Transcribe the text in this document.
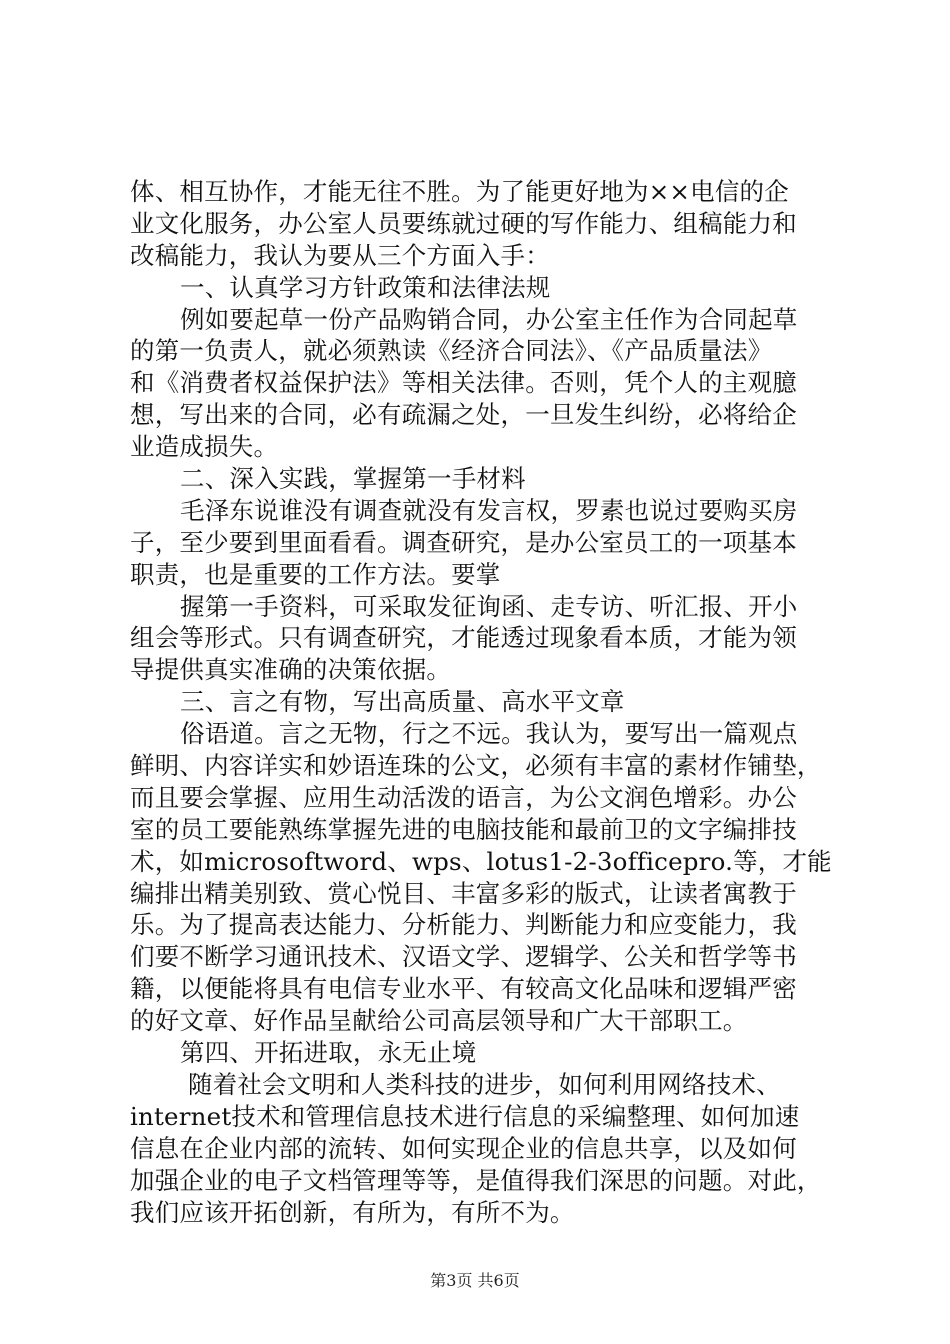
体、相互协作，才能无往不胜。为了能更好地为××电信的企
业文化服务，办公室人员要练就过硬的写作能力、组稿能力和
改稿能力，我认为要从三个方面入手：
一、认真学习方针政策和法律法规
例如要起草一份产品购销合同，办公室主任作为合同起草
的第一负责人，就必须熟读《经济合同法》、《产品质量法》
和《消费者权益保护法》等相关法律。否则，凭个人的主观臆
想，写出来的合同，必有疏漏之处，一旦发生纠纷，必将给企
业造成损失。
二、深入实践，掌握第一手材料
毛泽东说谁没有调查就没有发言权，罗素也说过要购买房
子，至少要到里面看看。调查研究，是办公室员工的一项基本
职责，也是重要的工作方法。要掌
握第一手资料，可采取发征询函、走专访、听汇报、开小
组会等形式。只有调查研究，才能透过现象看本质，才能为领
导提供真实准确的决策依据。
三、言之有物，写出高质量、高水平文章
俗语道。言之无物，行之不远。我认为，要写出一篇观点
鲜明、内容详实和妙语连珠的公文，必须有丰富的素材作铺垫，
而且要会掌握、应用生动活泼的语言，为公文润色增彩。办公
室的员工要能熟练掌握先进的电脑技能和最前卫的文字编排技
术，如microsoftword、wps、lotus1-2-3officepro.等，才能
编排出精美别致、赏心悦目、丰富多彩的版式，让读者寓教于
乐。为了提高表达能力、分析能力、判断能力和应变能力，我
们要不断学习通讯技术、汉语文学、逻辑学、公关和哲学等书
籍，以便能将具有电信专业水平、有较高文化品味和逻辑严密
的好文章、好作品呈献给公司高层领导和广大干部职工。
第四、开拓进取，永无止境
随着社会文明和人类科技的进步，如何利用网络技术、
internet技术和管理信息技术进行信息的采编整理、如何加速
信息在企业内部的流转、如何实现企业的信息共享，以及如何
加强企业的电子文档管理等等，是值得我们深思的问题。对此，
我们应该开拓创新，有所为，有所不为。
第3页 共6页
